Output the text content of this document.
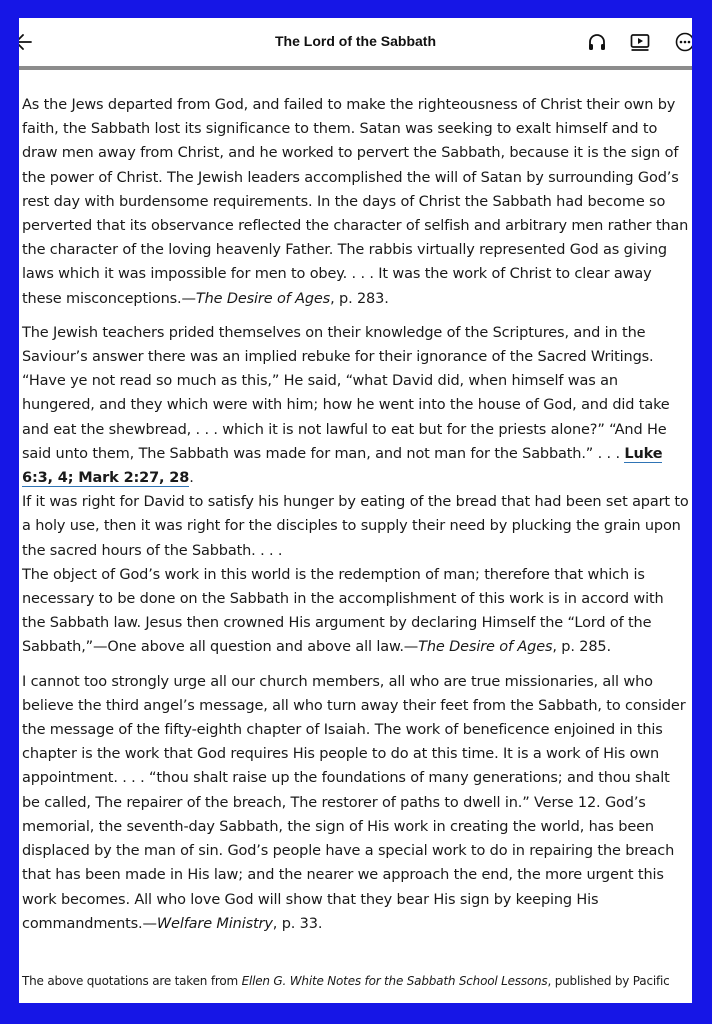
The Lord of the Sabbath

As the Jews departed from God, and failed to make the righteousness of Christ their own by faith, the Sabbath lost its significance to them. Satan was seeking to exalt himself and to draw men away from Christ, and he worked to pervert the Sabbath, because it is the sign of the power of Christ. The Jewish leaders accomplished the will of Satan by surrounding God’s rest day with burdensome requirements. In the days of Christ the Sabbath had become so perverted that its observance reflected the character of selfish and arbitrary men rather than the character of the loving heavenly Father. The rabbis virtually represented God as giving laws which it was impossible for men to obey. . . . It was the work of Christ to clear away these misconceptions.—The Desire of Ages, p. 283.

The Jewish teachers prided themselves on their knowledge of the Scriptures, and in the Saviour’s answer there was an implied rebuke for their ignorance of the Sacred Writings. “Have ye not read so much as this,” He said, “what David did, when himself was an hungered, and they which were with him; how he went into the house of God, and did take and eat the shewbread, . . . which it is not lawful to eat but for the priests alone?” “And He said unto them, The Sabbath was made for man, and not man for the Sabbath.” . . . Luke 6:3, 4; Mark 2:27, 28.

If it was right for David to satisfy his hunger by eating of the bread that had been set apart to a holy use, then it was right for the disciples to supply their need by plucking the grain upon the sacred hours of the Sabbath. . . .

The object of God’s work in this world is the redemption of man; therefore that which is necessary to be done on the Sabbath in the accomplishment of this work is in accord with the Sabbath law. Jesus then crowned His argument by declaring Himself the “Lord of the Sabbath,”—One above all question and above all law.—The Desire of Ages, p. 285.

I cannot too strongly urge all our church members, all who are true missionaries, all who believe the third angel’s message, all who turn away their feet from the Sabbath, to consider the message of the fifty-eighth chapter of Isaiah. The work of beneficence enjoined in this chapter is the work that God requires His people to do at this time. It is a work of His own appointment. . . . “thou shalt raise up the foundations of many generations; and thou shalt be called, The repairer of the breach, The restorer of paths to dwell in.” Verse 12. God’s memorial, the seventh-day Sabbath, the sign of His work in creating the world, has been displaced by the man of sin. God’s people have a special work to do in repairing the breach that has been made in His law; and the nearer we approach the end, the more urgent this work becomes. All who love God will show that they bear His sign by keeping His commandments.—Welfare Ministry, p. 33.

The above quotations are taken from Ellen G. White Notes for the Sabbath School Lessons, published by Pacific
